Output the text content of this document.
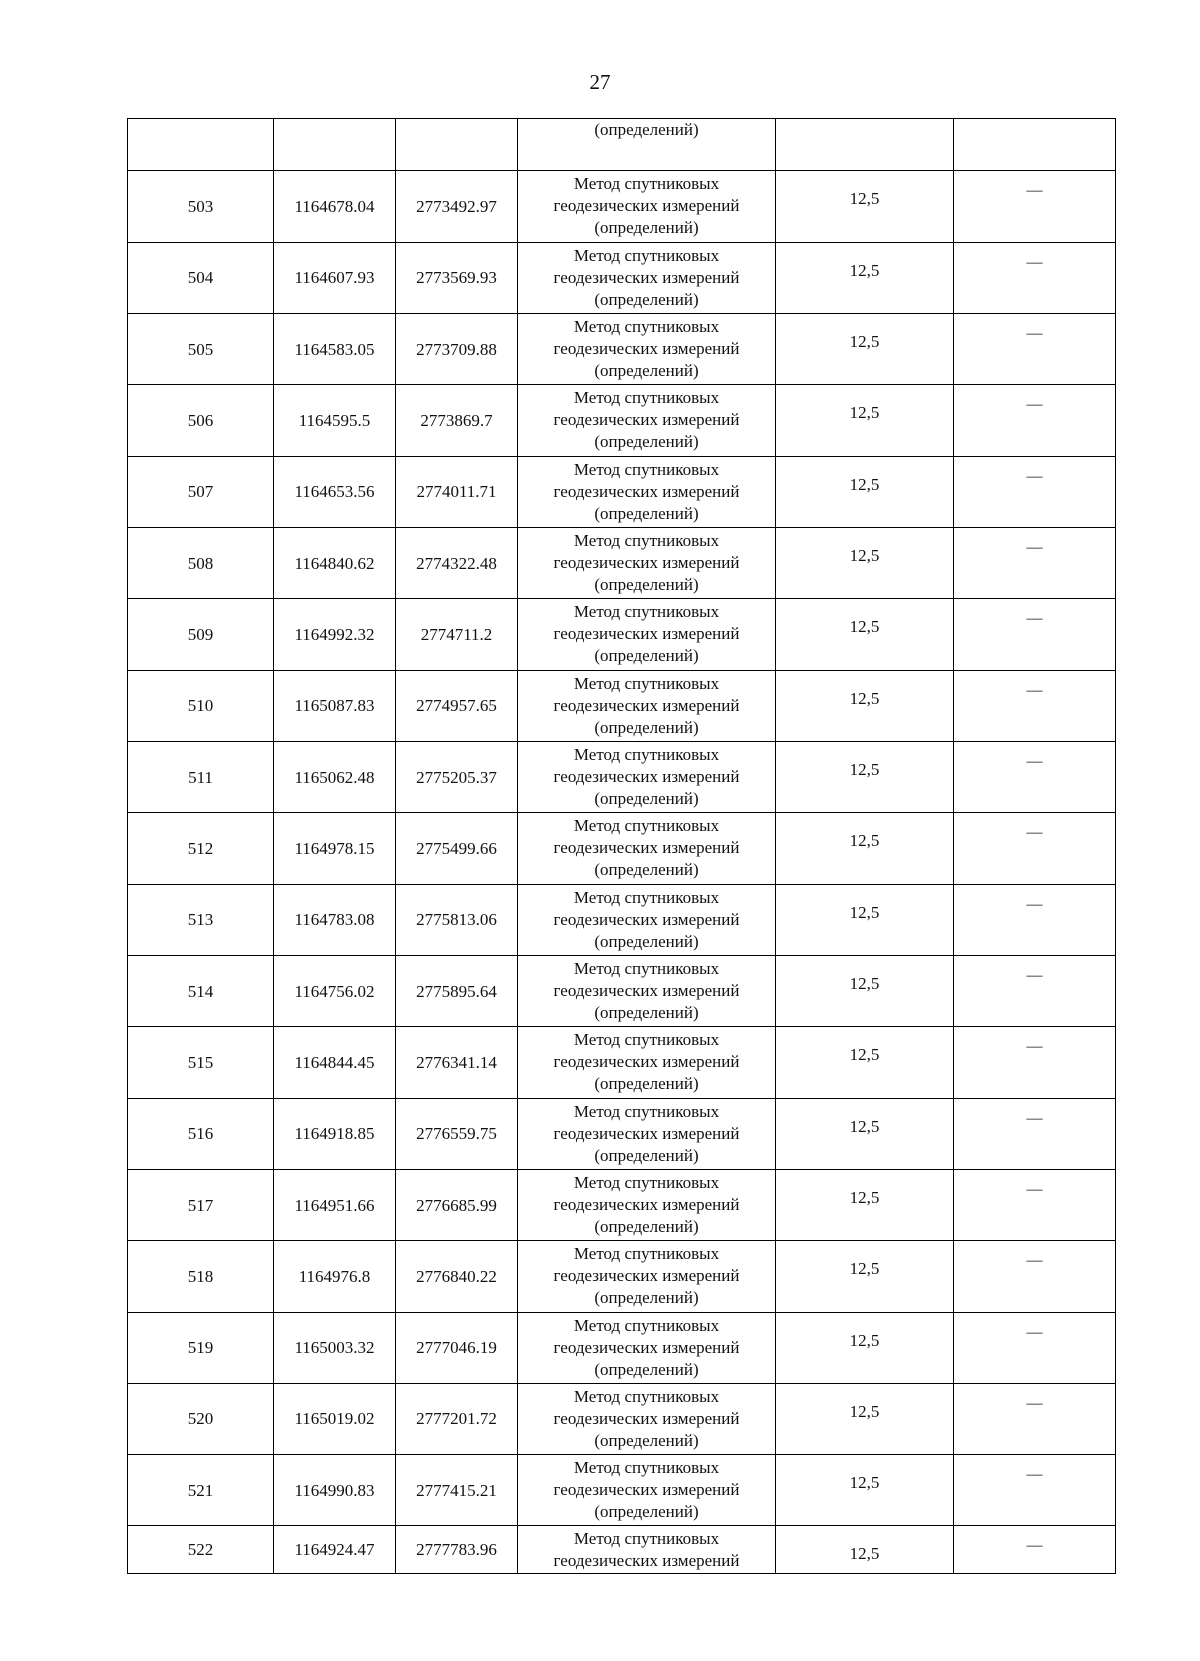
27
			(определений)		
503	1164678.04	2773492.97	Метод спутниковых
геодезических измерений
(определений)	12,5	—
504	1164607.93	2773569.93	Метод спутниковых
геодезических измерений
(определений)	12,5	—
505	1164583.05	2773709.88	Метод спутниковых
геодезических измерений
(определений)	12,5	—
506	1164595.5	2773869.7	Метод спутниковых
геодезических измерений
(определений)	12,5	—
507	1164653.56	2774011.71	Метод спутниковых
геодезических измерений
(определений)	12,5	—
508	1164840.62	2774322.48	Метод спутниковых
геодезических измерений
(определений)	12,5	—
509	1164992.32	2774711.2	Метод спутниковых
геодезических измерений
(определений)	12,5	—
510	1165087.83	2774957.65	Метод спутниковых
геодезических измерений
(определений)	12,5	—
511	1165062.48	2775205.37	Метод спутниковых
геодезических измерений
(определений)	12,5	—
512	1164978.15	2775499.66	Метод спутниковых
геодезических измерений
(определений)	12,5	—
513	1164783.08	2775813.06	Метод спутниковых
геодезических измерений
(определений)	12,5	—
514	1164756.02	2775895.64	Метод спутниковых
геодезических измерений
(определений)	12,5	—
515	1164844.45	2776341.14	Метод спутниковых
геодезических измерений
(определений)	12,5	—
516	1164918.85	2776559.75	Метод спутниковых
геодезических измерений
(определений)	12,5	—
517	1164951.66	2776685.99	Метод спутниковых
геодезических измерений
(определений)	12,5	—
518	1164976.8	2776840.22	Метод спутниковых
геодезических измерений
(определений)	12,5	—
519	1165003.32	2777046.19	Метод спутниковых
геодезических измерений
(определений)	12,5	—
520	1165019.02	2777201.72	Метод спутниковых
геодезических измерений
(определений)	12,5	—
521	1164990.83	2777415.21	Метод спутниковых
геодезических измерений
(определений)	12,5	—
522	1164924.47	2777783.96	Метод спутниковых
геодезических измерений	12,5	—
